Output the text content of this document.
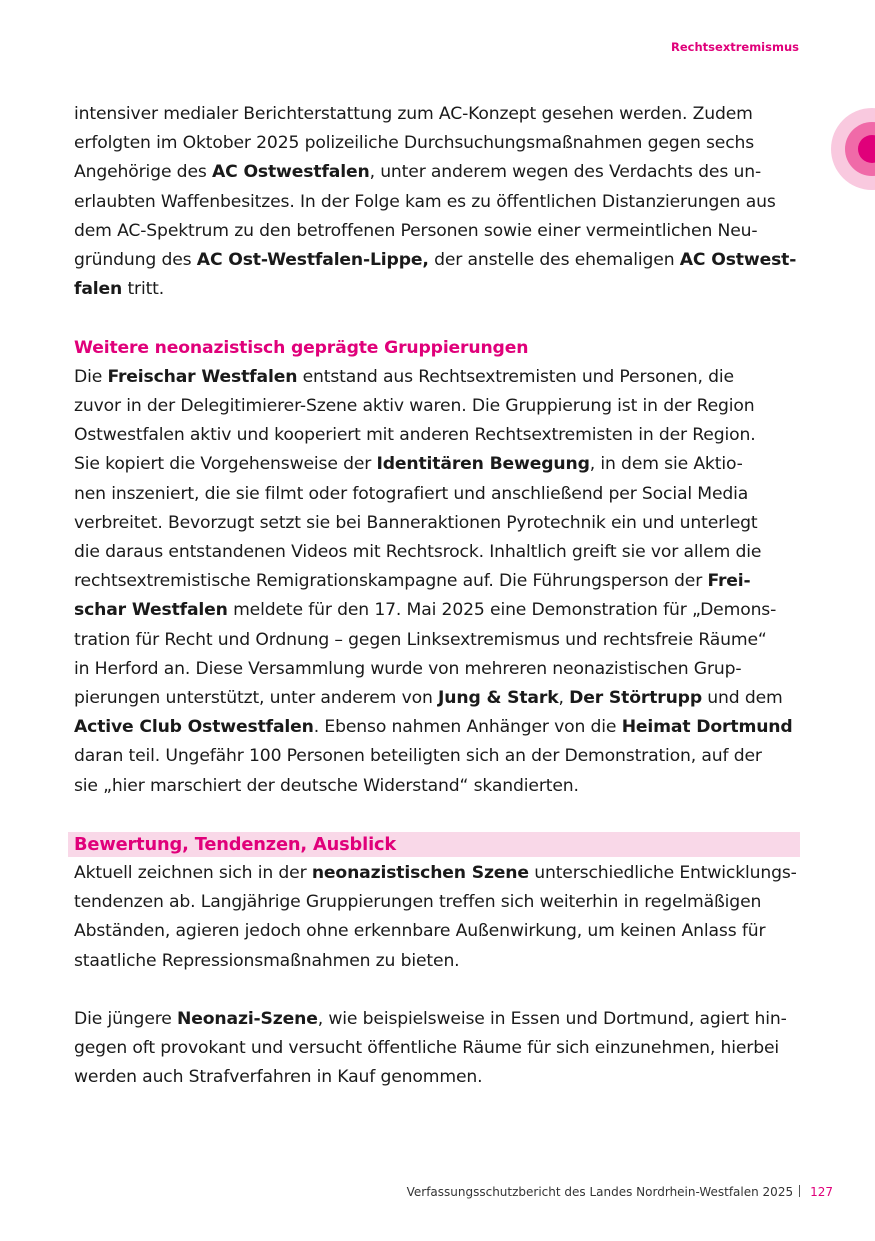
Rechtsextremismus

intensiver medialer Berichterstattung zum AC-Konzept gesehen werden. Zudem
erfolgten im Oktober 2025 polizeiliche Durchsuchungsmaßnahmen gegen sechs
Angehörige des AC Ostwestfalen, unter anderem wegen des Verdachts des un-
erlaubten Waffenbesitzes. In der Folge kam es zu öffentlichen Distanzierungen aus
dem AC-Spektrum zu den betroffenen Personen sowie einer vermeintlichen Neu-
gründung des AC Ost-Westfalen-Lippe, der anstelle des ehemaligen AC Ostwest-
falen tritt.
Weitere neonazistisch geprägte Gruppierungen
Die Freischar Westfalen entstand aus Rechtsextremisten und Personen, die
zuvor in der Delegitimierer-Szene aktiv waren. Die Gruppierung ist in der Region
Ostwestfalen aktiv und kooperiert mit anderen Rechtsextremisten in der Region.
Sie kopiert die Vorgehensweise der Identitären Bewegung, in dem sie Aktio-
nen inszeniert, die sie filmt oder fotografiert und anschließend per Social Media
verbreitet. Bevorzugt setzt sie bei Banneraktionen Pyrotechnik ein und unterlegt
die daraus entstandenen Videos mit Rechtsrock. Inhaltlich greift sie vor allem die
rechtsextremistische Remigrationskampagne auf. Die Führungsperson der Frei-
schar Westfalen meldete für den 17. Mai 2025 eine Demonstration für „Demons-
tration für Recht und Ordnung – gegen Linksextremismus und rechtsfreie Räume“
in Herford an. Diese Versammlung wurde von mehreren neonazistischen Grup-
pierungen unterstützt, unter anderem von Jung & Stark, Der Störtrupp und dem
Active Club Ostwestfalen. Ebenso nahmen Anhänger von die Heimat Dortmund
daran teil. Ungefähr 100 Personen beteiligten sich an der Demonstration, auf der
sie „hier marschiert der deutsche Widerstand“ skandierten.
Bewertung, Tendenzen, Ausblick
Aktuell zeichnen sich in der neonazistischen Szene unterschiedliche Entwicklungs-
tendenzen ab. Langjährige Gruppierungen treffen sich weiterhin in regelmäßigen
Abständen, agieren jedoch ohne erkennbare Außenwirkung, um keinen Anlass für
staatliche Repressionsmaßnahmen zu bieten.
Die jüngere Neonazi-Szene, wie beispielsweise in Essen und Dortmund, agiert hin-
gegen oft provokant und versucht öffentliche Räume für sich einzunehmen, hierbei
werden auch Strafverfahren in Kauf genommen.

Verfassungsschutzbericht des Landes Nordrhein-Westfalen 2025 127
